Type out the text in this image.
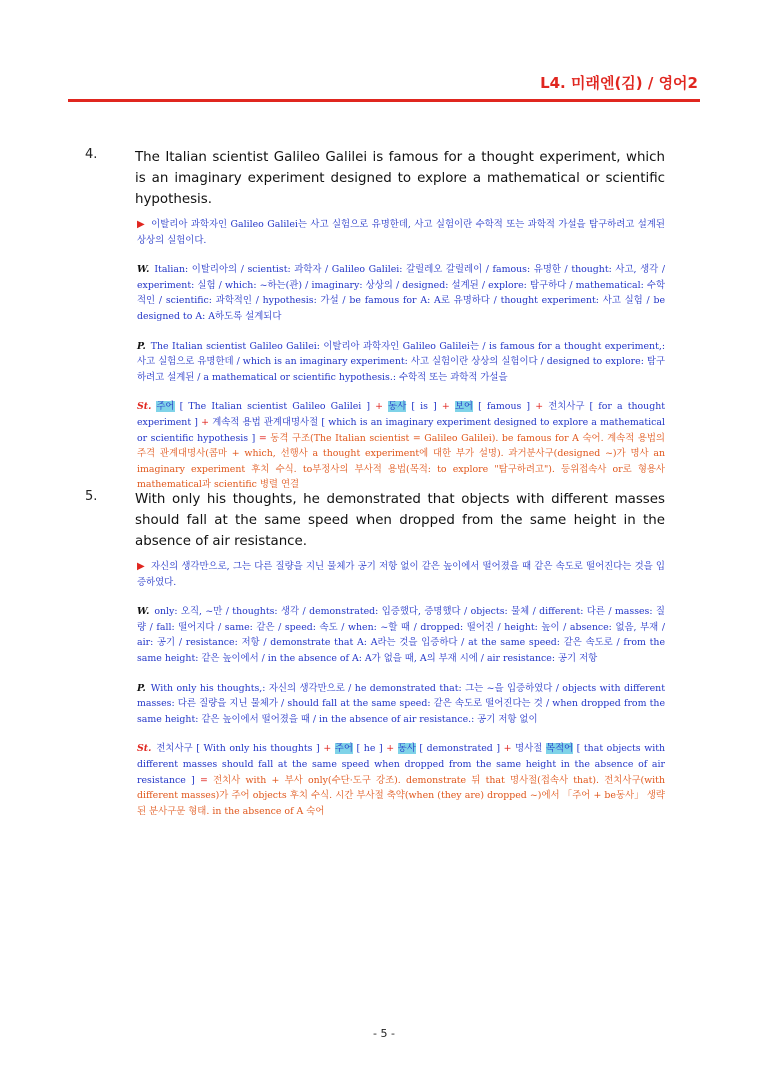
L4. 미래엔(김) / 영어2
4.	The Italian scientist Galileo Galilei is famous for a thought experiment, which is an imaginary experiment designed to explore a mathematical or scientific hypothesis.
▶ 이탈리아 과학자인 Galileo Galilei는 사고 실험으로 유명한데, 사고 실험이란 수학적 또는 과학적 가설을 탐구하려고 설계된 상상의 실험이다.
W. Italian: 이탈리아의 / scientist: 과학자 / Galileo Galilei: 갈릴레오 갈릴레이 / famous: 유명한 / thought: 사고, 생각 / experiment: 실험 / which: ~하는(관) / imaginary: 상상의 / designed: 설계된 / explore: 탐구하다 / mathematical: 수학적인 / scientific: 과학적인 / hypothesis: 가설 / be famous for A: A로 유명하다 / thought experiment: 사고 실험 / be designed to A: A하도록 설계되다
P. The Italian scientist Galileo Galilei: 이탈리아 과학자인 Galileo Galilei는 / is famous for a thought experiment,: 사고 실험으로 유명한데 / which is an imaginary experiment: 사고 실험이란 상상의 실험이다 / designed to explore: 탐구하려고 설계된 / a mathematical or scientific hypothesis.: 수학적 또는 과학적 가설을
St. 주어 [ The Italian scientist Galileo Galilei ] + 동사 [ is ] + 보어 [ famous ] + 전치사구 [ for a thought experiment ] + 계속적 용법 관계대명사절 [ which is an imaginary experiment designed to explore a mathematical or scientific hypothesis ] = 동격 구조(The Italian scientist = Galileo Galilei). be famous for A 숙어. 계속적 용법의 주격 관계대명사(콤마 + which, 선행사 a thought experiment에 대한 부가 설명). 과거분사구(designed ~)가 명사 an imaginary experiment 후치 수식. to부정사의 부사적 용법(목적: to explore "탐구하려고"). 등위접속사 or로 형용사 mathematical과 scientific 병렬 연결
5.	With only his thoughts, he demonstrated that objects with different masses should fall at the same speed when dropped from the same height in the absence of air resistance.
▶ 자신의 생각만으로, 그는 다른 질량을 지닌 물체가 공기 저항 없이 같은 높이에서 떨어졌을 때 같은 속도로 떨어진다는 것을 입증하였다.
W. only: 오직, ~만 / thoughts: 생각 / demonstrated: 입증했다, 증명했다 / objects: 물체 / different: 다른 / masses: 질량 / fall: 떨어지다 / same: 같은 / speed: 속도 / when: ~할 때 / dropped: 떨어진 / height: 높이 / absence: 없음, 부재 / air: 공기 / resistance: 저항 / demonstrate that A: A라는 것을 입증하다 / at the same speed: 같은 속도로 / from the same height: 같은 높이에서 / in the absence of A: A가 없을 때, A의 부재 시에 / air resistance: 공기 저항
P. With only his thoughts,: 자신의 생각만으로 / he demonstrated that: 그는 ~을 입증하였다 / objects with different masses: 다른 질량을 지닌 물체가 / should fall at the same speed: 같은 속도로 떨어진다는 것 / when dropped from the same height: 같은 높이에서 떨어졌을 때 / in the absence of air resistance.: 공기 저항 없이
St. 전치사구 [ With only his thoughts ] + 주어 [ he ] + 동사 [ demonstrated ] + 명사절 목적어 [ that objects with different masses should fall at the same speed when dropped from the same height in the absence of air resistance ] = 전치사 with + 부사 only(수단·도구 강조). demonstrate 뒤 that 명사절(접속사 that). 전치사구(with different masses)가 주어 objects 후치 수식. 시간 부사절 축약(when (they are) dropped ~)에서 「주어 + be동사」 생략된 분사구문 형태. in the absence of A 숙어
- 5 -
